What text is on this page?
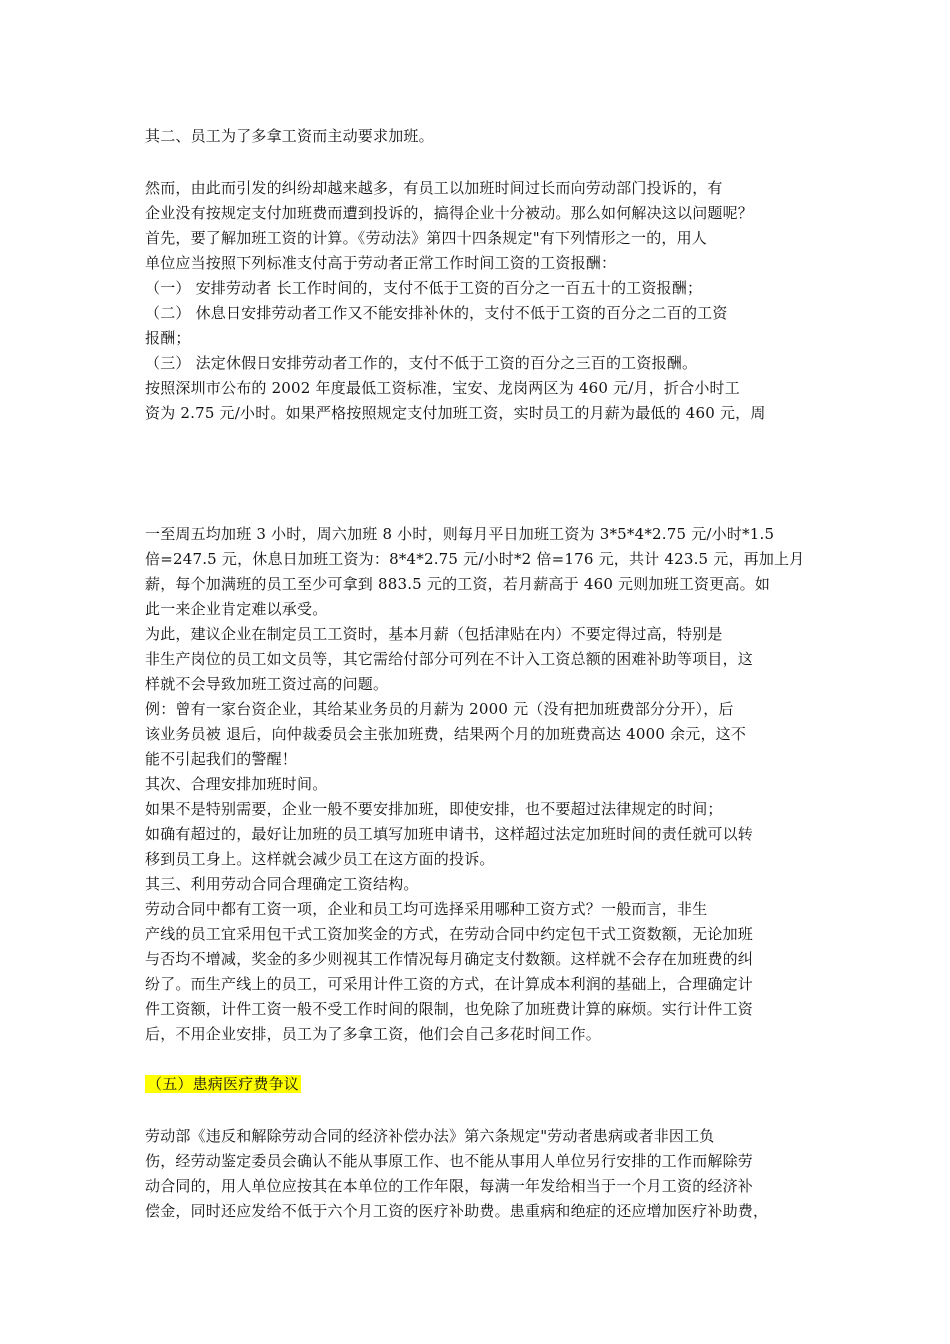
其二、员工为了多拿工资而主动要求加班。
然而，由此而引发的纠纷却越来越多，有员工以加班时间过长而向劳动部门投诉的，有
企业没有按规定支付加班费而遭到投诉的，搞得企业十分被动。那么如何解决这以问题呢？
首先，要了解加班工资的计算。《劳动法》第四十四条规定"有下列情形之一的，用人
单位应当按照下列标准支付高于劳动者正常工作时间工资的工资报酬：
（一） 安排劳动者 长工作时间的，支付不低于工资的百分之一百五十的工资报酬；
（二） 休息日安排劳动者工作又不能安排补休的，支付不低于工资的百分之二百的工资
报酬；
（三） 法定休假日安排劳动者工作的，支付不低于工资的百分之三百的工资报酬。
按照深圳市公布的 2002 年度最低工资标准，宝安、龙岗两区为 460 元/月，折合小时工
资为 2.75 元/小时。如果严格按照规定支付加班工资，实时员工的月薪为最低的 460 元，周
一至周五均加班 3 小时，周六加班 8 小时，则每月平日加班工资为 3*5*4*2.75 元/小时*1.5
倍=247.5 元，休息日加班工资为：8*4*2.75 元/小时*2 倍=176 元，共计 423.5 元，再加上月
薪，每个加满班的员工至少可拿到 883.5 元的工资，若月薪高于 460 元则加班工资更高。如
此一来企业肯定难以承受。
为此，建议企业在制定员工工资时，基本月薪（包括津贴在内）不要定得过高，特别是
非生产岗位的员工如文员等，其它需给付部分可列在不计入工资总额的困难补助等项目，这
样就不会导致加班工资过高的问题。
例：曾有一家台资企业，其给某业务员的月薪为 2000 元（没有把加班费部分分开），后
该业务员被 退后，向仲裁委员会主张加班费，结果两个月的加班费高达 4000 余元，这不
能不引起我们的警醒！
其次、合理安排加班时间。
如果不是特别需要，企业一般不要安排加班，即使安排，也不要超过法律规定的时间；
如确有超过的，最好让加班的员工填写加班申请书，这样超过法定加班时间的责任就可以转
移到员工身上。这样就会减少员工在这方面的投诉。
其三、利用劳动合同合理确定工资结构。
劳动合同中都有工资一项，企业和员工均可选择采用哪种工资方式？一般而言，非生
产线的员工宜采用包干式工资加奖金的方式，在劳动合同中约定包干式工资数额，无论加班
与否均不增减，奖金的多少则视其工作情况每月确定支付数额。这样就不会存在加班费的纠
纷了。而生产线上的员工，可采用计件工资的方式，在计算成本利润的基础上，合理确定计
件工资额，计件工资一般不受工作时间的限制，也免除了加班费计算的麻烦。实行计件工资
后，不用企业安排，员工为了多拿工资，他们会自己多花时间工作。
（五）患病医疗费争议
劳动部《违反和解除劳动合同的经济补偿办法》第六条规定"劳动者患病或者非因工负
伤，经劳动鉴定委员会确认不能从事原工作、也不能从事用人单位另行安排的工作而解除劳
动合同的，用人单位应按其在本单位的工作年限，每满一年发给相当于一个月工资的经济补
偿金，同时还应发给不低于六个月工资的医疗补助费。患重病和绝症的还应增加医疗补助费，
